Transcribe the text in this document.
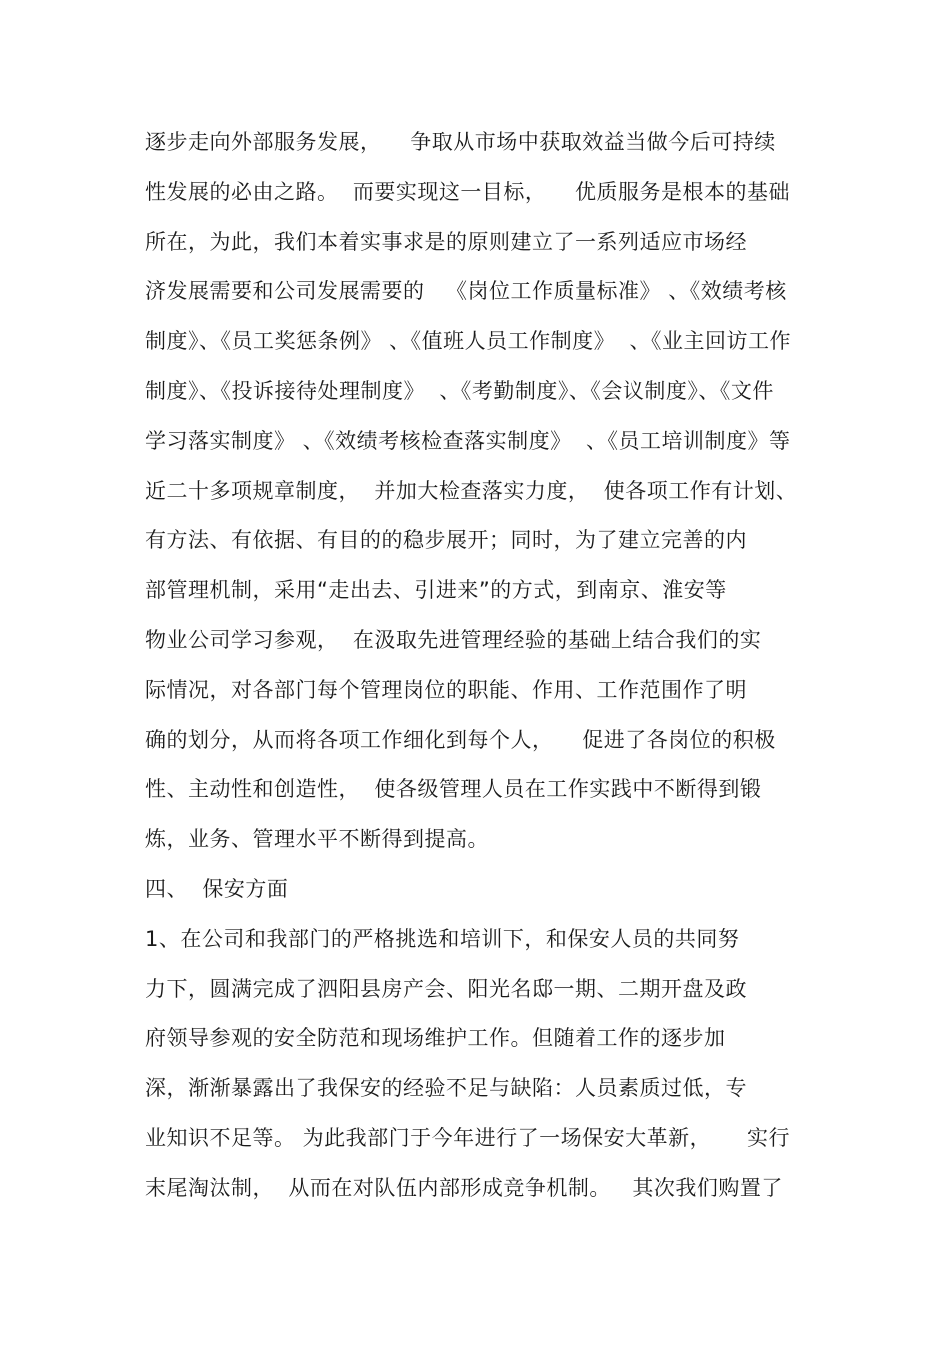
逐步走向外部服务发展，    争取从市场中获取效益当做今后可持续
性发展的必由之路。  而要实现这一目标，    优质服务是根本的基础
所在，为此，我们本着实事求是的原则建立了一系列适应市场经
济发展需要和公司发展需要的   《岗位工作质量标准》 、《效绩考核
制度》、《员工奖惩条例》 、《值班人员工作制度》  、《业主回访工作
制度》、《投诉接待处理制度》  、《考勤制度》、《会议制度》、《文件
学习落实制度》 、《效绩考核检查落实制度》  、《员工培训制度》等
近二十多项规章制度，  并加大检查落实力度，  使各项工作有计划、
有方法、有依据、有目的的稳步展开；同时，为了建立完善的内
部管理机制，采用“走出去、引进来”的方式，到南京、淮安等
物业公司学习参观，  在汲取先进管理经验的基础上结合我们的实
际情况，对各部门每个管理岗位的职能、作用、工作范围作了明
确的划分，从而将各项工作细化到每个人，    促进了各岗位的积极
性、主动性和创造性，  使各级管理人员在工作实践中不断得到锻
炼，业务、管理水平不断得到提高。
四、  保安方面
1、在公司和我部门的严格挑选和培训下，和保安人员的共同努
力下，圆满完成了泗阳县房产会、阳光名邸一期、二期开盘及政
府领导参观的安全防范和现场维护工作。但随着工作的逐步加
深，渐渐暴露出了我保安的经验不足与缺陷：人员素质过低，专
业知识不足等。 为此我部门于今年进行了一场保安大革新，     实行
末尾淘汰制，  从而在对队伍内部形成竞争机制。   其次我们购置了
